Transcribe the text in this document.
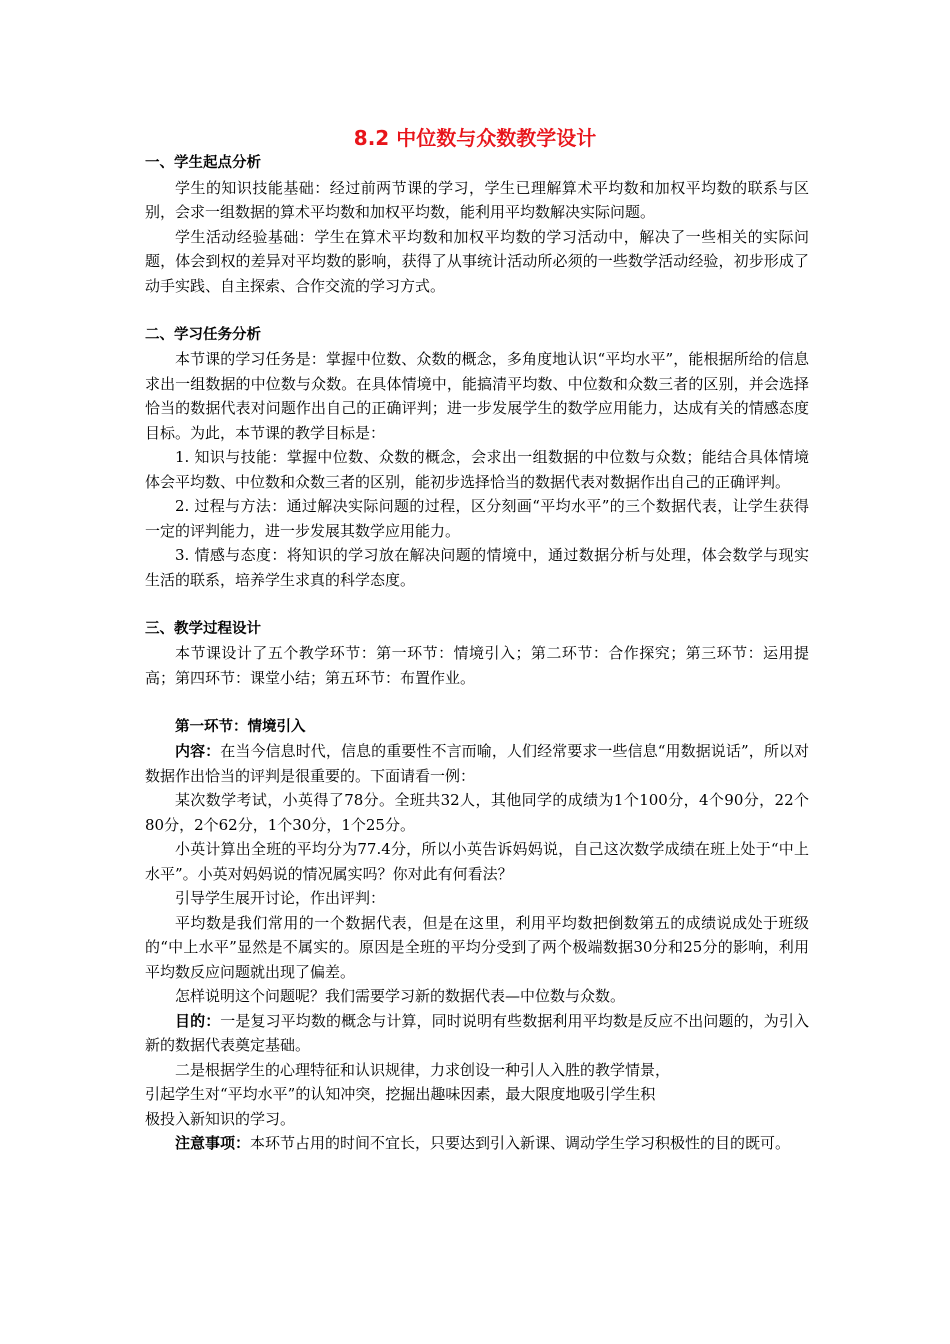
8.2 中位数与众数教学设计

一、学生起点分析

学生的知识技能基础：经过前两节课的学习，学生已理解算术平均数和加权平均数的联系与区别，会求一组数据的算术平均数和加权平均数，能利用平均数解决实际问题。

学生活动经验基础：学生在算术平均数和加权平均数的学习活动中，解决了一些相关的实际问题，体会到权的差异对平均数的影响，获得了从事统计活动所必须的一些数学活动经验，初步形成了动手实践、自主探索、合作交流的学习方式。

二、学习任务分析

本节课的学习任务是：掌握中位数、众数的概念，多角度地认识“平均水平”，能根据所给的信息求出一组数据的中位数与众数。在具体情境中，能搞清平均数、中位数和众数三者的区别，并会选择恰当的数据代表对问题作出自己的正确评判；进一步发展学生的数学应用能力，达成有关的情感态度目标。为此，本节课的教学目标是：

1. 知识与技能：掌握中位数、众数的概念，会求出一组数据的中位数与众数；能结合具体情境体会平均数、中位数和众数三者的区别，能初步选择恰当的数据代表对数据作出自己的正确评判。

2. 过程与方法：通过解决实际问题的过程，区分刻画“平均水平”的三个数据代表，让学生获得一定的评判能力，进一步发展其数学应用能力。

3. 情感与态度：将知识的学习放在解决问题的情境中，通过数据分析与处理，体会数学与现实生活的联系，培养学生求真的科学态度。

三、教学过程设计

本节课设计了五个教学环节：第一环节：情境引入；第二环节：合作探究；第三环节：运用提高；第四环节：课堂小结；第五环节：布置作业。

第一环节：情境引入

内容：在当今信息时代，信息的重要性不言而喻，人们经常要求一些信息“用数据说话”，所以对数据作出恰当的评判是很重要的。下面请看一例：

某次数学考试，小英得了78分。全班共32人，其他同学的成绩为1个100分，4个90分，22个80分，2个62分，1个30分，1个25分。

小英计算出全班的平均分为77.4分，所以小英告诉妈妈说，自己这次数学成绩在班上处于“中上水平”。小英对妈妈说的情况属实吗？你对此有何看法？

引导学生展开讨论，作出评判：

平均数是我们常用的一个数据代表，但是在这里，利用平均数把倒数第五的成绩说成处于班级的“中上水平”显然是不属实的。原因是全班的平均分受到了两个极端数据30分和25分的影响，利用平均数反应问题就出现了偏差。

怎样说明这个问题呢？我们需要学习新的数据代表—中位数与众数。

目的：一是复习平均数的概念与计算，同时说明有些数据利用平均数是反应不出问题的，为引入新的数据代表奠定基础。

二是根据学生的心理特征和认识规律，力求创设一种引人入胜的教学情景，

引起学生对“平均水平”的认知冲突，挖掘出趣味因素，最大限度地吸引学生积

极投入新知识的学习。

注意事项：本环节占用的时间不宜长，只要达到引入新课、调动学生学习积极性的目的既可。
